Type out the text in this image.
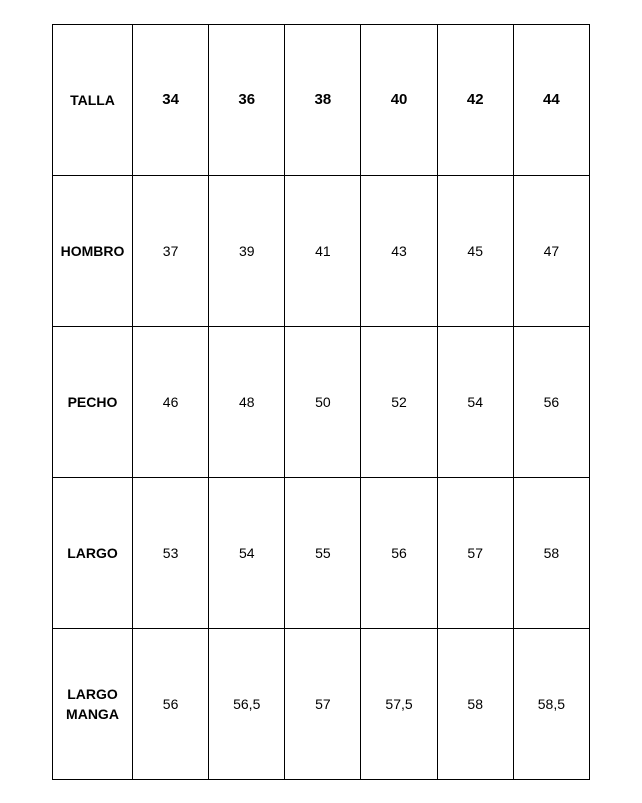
TALLA	34	36	38	40	42	44
HOMBRO	37	39	41	43	45	47
PECHO	46	48	50	52	54	56
LARGO	53	54	55	56	57	58
LARGO
MANGA	56	56,5	57	57,5	58	58,5
